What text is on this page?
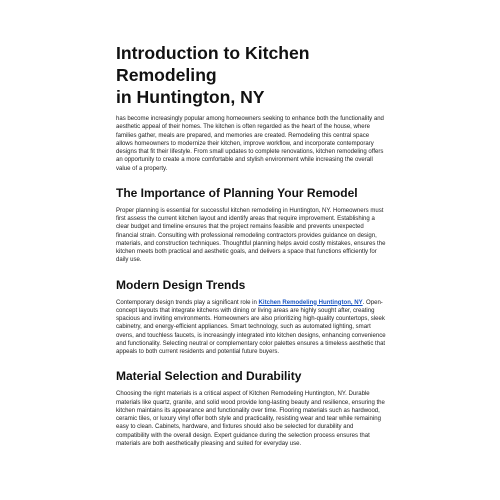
Introduction to Kitchen Remodeling
in Huntington, NY

has become increasingly popular among homeowners seeking to enhance both the functionality and aesthetic appeal of their homes. The kitchen is often regarded as the heart of the house, where families gather, meals are prepared, and memories are created. Remodeling this central space allows homeowners to modernize their kitchen, improve workflow, and incorporate contemporary designs that fit their lifestyle. From small updates to complete renovations, kitchen remodeling offers an opportunity to create a more comfortable and stylish environment while increasing the overall value of a property.

The Importance of Planning Your Remodel

Proper planning is essential for successful kitchen remodeling in Huntington, NY. Homeowners must first assess the current kitchen layout and identify areas that require improvement. Establishing a clear budget and timeline ensures that the project remains feasible and prevents unexpected financial strain. Consulting with professional remodeling contractors provides guidance on design, materials, and construction techniques. Thoughtful planning helps avoid costly mistakes, ensures the kitchen meets both practical and aesthetic goals, and delivers a space that functions efficiently for daily use.

Modern Design Trends

Contemporary design trends play a significant role in Kitchen Remodeling Huntington, NY. Open-concept layouts that integrate kitchens with dining or living areas are highly sought after, creating spacious and inviting environments. Homeowners are also prioritizing high-quality countertops, sleek cabinetry, and energy-efficient appliances. Smart technology, such as automated lighting, smart ovens, and touchless faucets, is increasingly integrated into kitchen designs, enhancing convenience and functionality. Selecting neutral or complementary color palettes ensures a timeless aesthetic that appeals to both current residents and potential future buyers.

Material Selection and Durability

Choosing the right materials is a critical aspect of Kitchen Remodeling Huntington, NY. Durable materials like quartz, granite, and solid wood provide long-lasting beauty and resilience, ensuring the kitchen maintains its appearance and functionality over time. Flooring materials such as hardwood, ceramic tiles, or luxury vinyl offer both style and practicality, resisting wear and tear while remaining easy to clean. Cabinets, hardware, and fixtures should also be selected for durability and compatibility with the overall design. Expert guidance during the selection process ensures that materials are both aesthetically pleasing and suited for everyday use.
